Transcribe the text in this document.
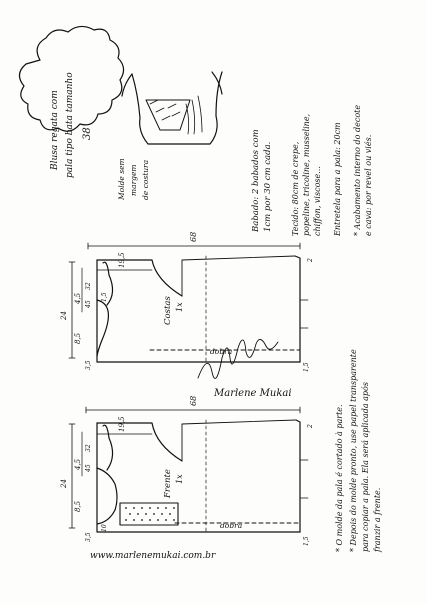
Blusa regata com pala tipo bata tamanho 38
Molde sem margem de costura	Babado: 2 babados com 1cm por 30 cm cada. Tecido: 80cm de crepe, popeline, tricoline, musseline, chiffon, viscose... Entretela para a pala: 20cm * Acabamento interno do decote e cava: por revel ou viés.
Costas 1x
dobra
68
19,5
8,5
24
4,5	1,5
3,5	1,5
2
32
45
Frente 1x
dobra
68
19,5
8,5
24
4,5
10
3,5	1,5
2
32
45	* O molde da pala é cortado à parte. * Depois do molde pronto, use papel transparente para copiar a pala. Ela será aplicada após franzir a frente.
Marlene Mukai
www.marlenemukai.com.br
